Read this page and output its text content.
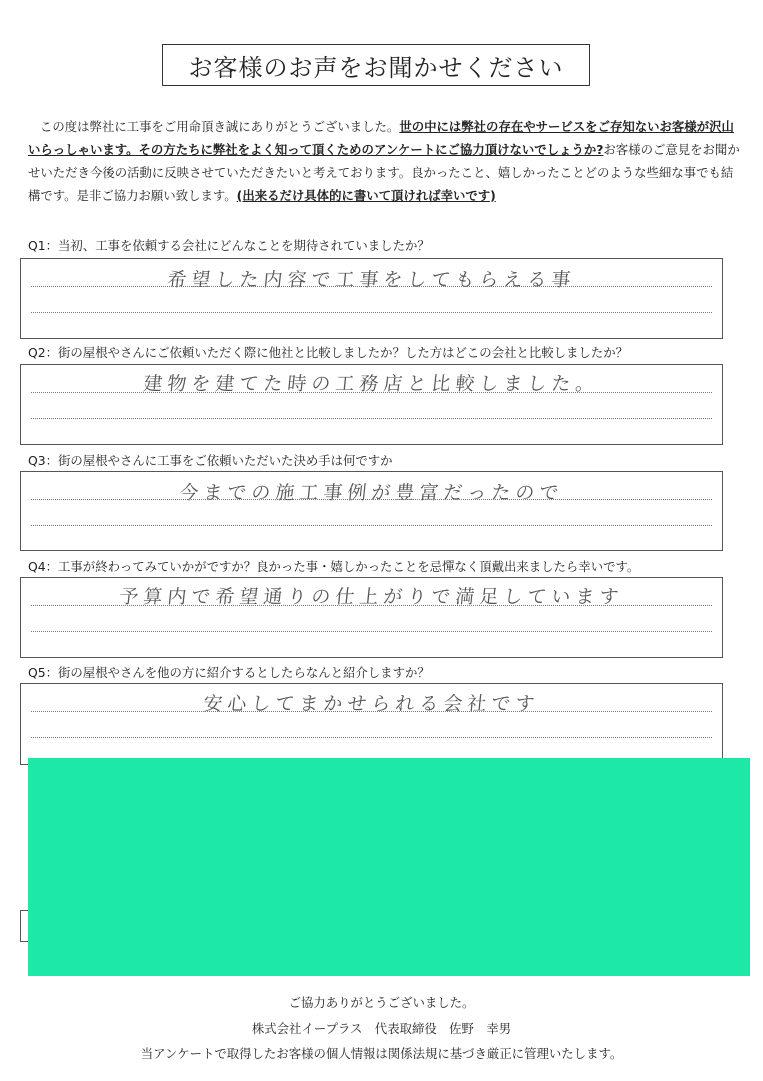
お客様のお声をお聞かせください
この度は弊社に工事をご用命頂き誠にありがとうございました。世の中には弊社の存在やサービスをご存知ないお客様が沢山いらっしゃいます。その方たちに弊社をよく知って頂くためのアンケートにご協力頂けないでしょうか?お客様のご意見をお聞かせいただき今後の活動に反映させていただきたいと考えております。良かったこと、嬉しかったことどのような些細な事でも結構です。是非ご協力お願い致します。(出来るだけ具体的に書いて頂ければ幸いです)
Q1：当初、工事を依頼する会社にどんなことを期待されていましたか？
希望した内容で工事をしてもらえる事
Q2：街の屋根やさんにご依頼いただく際に他社と比較しましたか？した方はどこの会社と比較しましたか？
建物を建てた時の工務店と比較しました。
Q3：街の屋根やさんに工事をご依頼いただいた決め手は何ですか
今までの施工事例が豊富だったので
Q4：工事が終わってみていかがですか？良かった事・嬉しかったことを忌憚なく頂戴出来ましたら幸いです。
予算内で希望通りの仕上がりで満足しています
Q5：街の屋根やさんを他の方に紹介するとしたらなんと紹介しますか？
安心してまかせられる会社です
ご協力ありがとうございました。
株式会社イープラス　代表取締役　佐野　幸男
当アンケートで取得したお客様の個人情報は関係法規に基づき厳正に管理いたします。
